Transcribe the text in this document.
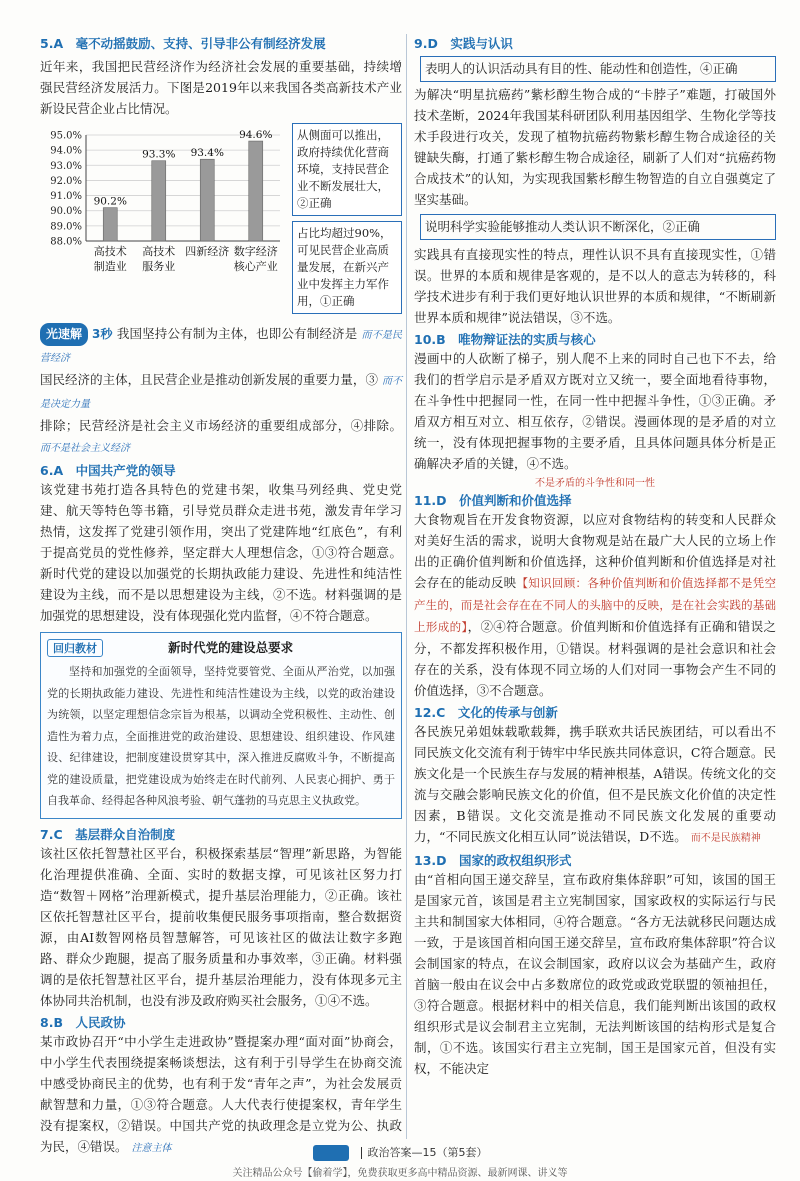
5.A　毫不动摇鼓励、支持、引导非公有制经济发展

近年来，我国把民营经济作为经济社会发展的重要基础，持续增强民营经济发展活力。下图是2019年以来我国各类高新技术产业新设民营企业占比情况。

88.0%
89.0%
90.0%
91.0%
92.0%
93.0%
94.0%
95.0%
90.2%
高技术
制造业
93.3%
高技术
服务业
93.4%
四新经济
94.6%
数字经济
核心产业
从侧面可以推出，政府持续优化营商环境，支持民营企业不断发展壮大，②正确
占比均超过90%，可见民营企业高质量发展，在新兴产业中发挥主力军作用，①正确

光速解 3秒 我国坚持公有制为主体，也即公有制经济是 而不是民营经济
国民经济的主体，且民营企业是推动创新发展的重要力量，③ 而不是决定力量
排除；民营经济是社会主义市场经济的重要组成部分，④排除。 而不是社会主义经济

6.A　中国共产党的领导

该党建书苑打造各具特色的党建书架，收集马列经典、党史党建、航天等特色等书籍，引导党员群众走进书苑，激发青年学习热情，这发挥了党建引领作用，突出了党建阵地“红底色”，有利于提高党员的党性修养，坚定群大人理想信念，①③符合题意。新时代党的建设以加强党的长期执政能力建设、先进性和纯洁性建设为主线，而不是以思想建设为主线，②不选。材料强调的是加强党的思想建设，没有体现强化党内监督，④不符合题意。

回归教材	新时代党的建设总要求
坚持和加强党的全面领导，坚持党要管党、全面从严治党，以加强党的长期执政能力建设、先进性和纯洁性建设为主线，以党的政治建设为统领，以坚定理想信念宗旨为根基，以调动全党积极性、主动性、创造性为着力点，全面推进党的政治建设、思想建设、组织建设、作风建设、纪律建设，把制度建设贯穿其中，深入推进反腐败斗争，不断提高党的建设质量，把党建设成为始终走在时代前列、人民衷心拥护、勇于自我革命、经得起各种风浪考验、朝气蓬勃的马克思主义执政党。
7.C　基层群众自治制度

该社区依托智慧社区平台，积极探索基层“智理”新思路，为智能化治理提供准确、全面、实时的数据支撑，可见该社区努力打造“数智＋网格”治理新模式，提升基层治理能力，②正确。该社区依托智慧社区平台，提前收集便民服务事项指南，整合数据资源，由AI数智网格员智慧解答，可见该社区的做法让数字多跑路、群众少跑腿，提高了服务质量和办事效率，③正确。材料强调的是依托智慧社区平台，提升基层治理能力，没有体现多元主体协同共治机制，也没有涉及政府购买社会服务，①④不选。

8.B　人民政协

某市政协召开“中小学生走进政协”暨提案办理“面对面”协商会，中小学生代表围绕提案畅谈想法，这有利于引导学生在协商交流中感受协商民主的优势，也有利于发“青年之声”，为社会发展贡献智慧和力量，①③符合题意。人大代表行使提案权，青年学生没有提案权，②错误。中国共产党的执政理念是立党为公、执政为民，④错误。 注意主体

9.D　实践与认识
表明人的认识活动具有目的性、能动性和创造性，④正确

为解决“明星抗癌药”紫杉醇生物合成的“卡脖子”难题，打破国外技术垄断，2024年我国某科研团队利用基因组学、生物化学等技术手段进行攻关，发现了植物抗癌药物紫杉醇生物合成途径的关键缺失酶，打通了紫杉醇生物合成途径，刷新了人们对“抗癌药物合成技术”的认知，为实现我国紫杉醇生物智造的自立自强奠定了坚实基础。

说明科学实验能够推动人类认识不断深化，②正确

实践具有直接现实性的特点，理性认识不具有直接现实性，①错误。世界的本质和规律是客观的，是不以人的意志为转移的，科学技术进步有利于我们更好地认识世界的本质和规律，“不断刷新世界本质和规律”说法错误，③不选。

10.B　唯物辩证法的实质与核心

漫画中的人砍断了梯子，别人爬不上来的同时自己也下不去，给我们的哲学启示是矛盾双方既对立又统一，要全面地看待事物，在斗争性中把握同一性，在同一性中把握斗争性，①③正确。矛盾双方相互对立、相互依存，②错误。漫画体现的是矛盾的对立统一，没有体现把握事物的主要矛盾，且具体问题具体分析是正确解决矛盾的关键，④不选。

不是矛盾的斗争性和同一性
11.D　价值判断和价值选择

大食物观旨在开发食物资源，以应对食物结构的转变和人民群众对美好生活的需求，说明大食物观是站在最广大人民的立场上作出的正确价值判断和价值选择，这种价值判断和价值选择是对社会存在的能动反映【知识回顾：各种价值判断和价值选择都不是凭空产生的，而是社会存在在不同人的头脑中的反映，是在社会实践的基础上形成的】，②④符合题意。价值判断和价值选择有正确和错误之分，不都发挥积极作用，①错误。材料强调的是社会意识和社会存在的关系，没有体现不同立场的人们对同一事物会产生不同的价值选择，③不合题意。

12.C　文化的传承与创新

各民族兄弟姐妹载歌载舞，携手联欢共话民族团结，可以看出不同民族文化交流有利于铸牢中华民族共同体意识，C符合题意。民族文化是一个民族生存与发展的精神根基，A错误。传统文化的交流与交融会影响民族文化的价值，但不是民族文化价值的决定性因素，B错误。文化交流是推动不同民族文化发展的重要动力，“不同民族文化相互认同”说法错误，D不选。 而不是民族精神

13.D　国家的政权组织形式

由“首相向国王递交辞呈，宣布政府集体辞职”可知，该国的国王是国家元首，该国是君主立宪制国家，国家政权的实际运行与民主共和制国家大体相同，④符合题意。“各方无法就移民问题达成一致，于是该国首相向国王递交辞呈，宣布政府集体辞职”符合议会制国家的特点，在议会制国家，政府以议会为基础产生，政府首脑一般由在议会中占多数席位的政党或政党联盟的领袖担任，③符合题意。根据材料中的相关信息，我们能判断出该国的政权组织形式是议会制君主立宪制，无法判断该国的结构形式是复合制，①不选。该国实行君主立宪制，国王是国家元首，但没有实权，不能决定

政治答案—15（第5套）
关注精品公众号【偷着学】，免费获取更多高中精品资源、最新网课、讲义等
